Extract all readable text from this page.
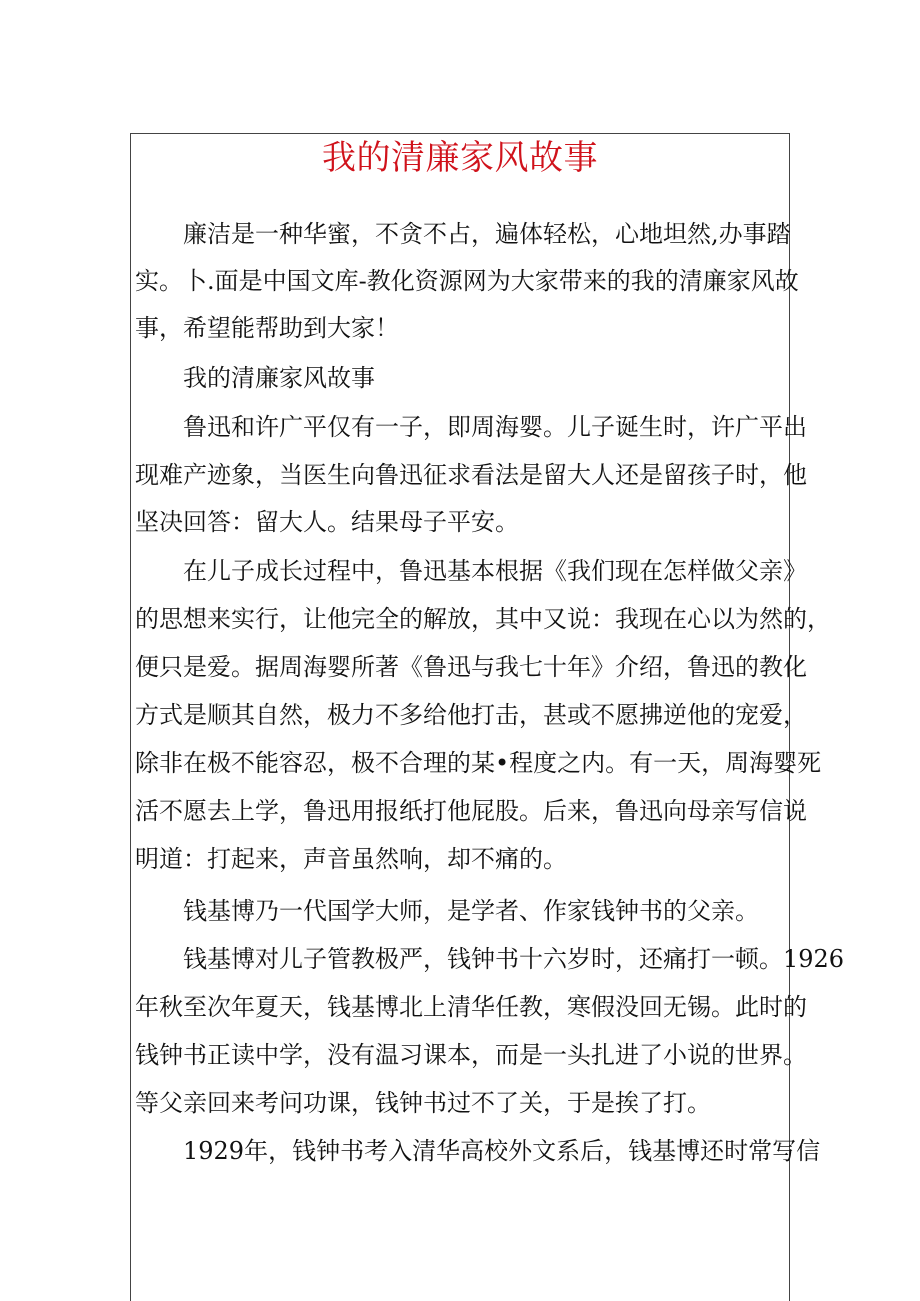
我的清廉家风故事
　　廉洁是一种华蜜，不贪不占，遍体轻松，心地坦然,办事踏
实。卜.面是中国文库-教化资源网为大家带来的我的清廉家风故
事，希望能帮助到大家！
　　我的清廉家风故事
　　鲁迅和许广平仅有一子，即周海婴。儿子诞生时，许广平出
现难产迹象，当医生向鲁迅征求看法是留大人还是留孩子时，他
坚决回答：留大人。结果母子平安。
　　在儿子成长过程中，鲁迅基本根据《我们现在怎样做父亲》
的思想来实行，让他完全的解放，其中又说：我现在心以为然的，
便只是爱。据周海婴所著《鲁迅与我七十年》介绍，鲁迅的教化
方式是顺其自然，极力不多给他打击，甚或不愿拂逆他的宠爱，
除非在极不能容忍，极不合理的某•程度之内。有一天，周海婴死
活不愿去上学，鲁迅用报纸打他屁股。后来，鲁迅向母亲写信说
明道：打起来，声音虽然响，却不痛的。
　　钱基博乃一代国学大师，是学者、作家钱钟书的父亲。
　　钱基博对儿子管教极严，钱钟书十六岁时，还痛打一顿。1926
年秋至次年夏天，钱基博北上清华任教，寒假没回无锡。此时的
钱钟书正读中学，没有温习课本，而是一头扎进了小说的世界。
等父亲回来考问功课，钱钟书过不了关，于是挨了打。
　　1929年，钱钟书考入清华高校外文系后，钱基博还时常写信
